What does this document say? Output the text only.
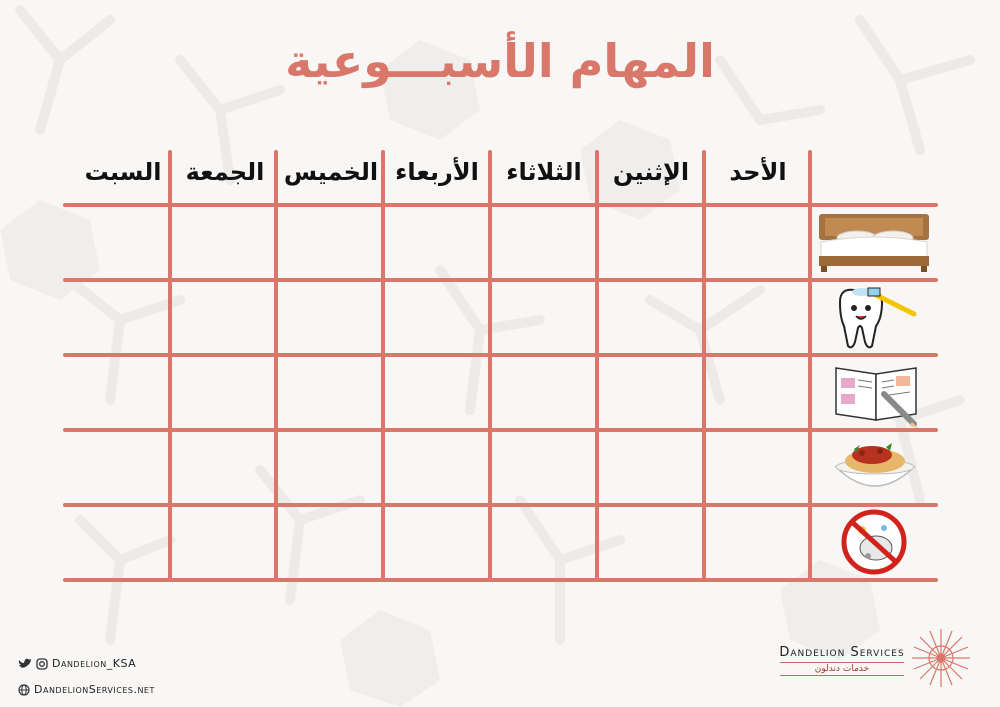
المهام الأسبـــوعية
السبت	الجمعة الخميس الأربعاء	الثلاثاء	الإثنين	الأحد
Dandelion_KSA
DandelionServices.net
Dandelion Services
خدمات دندلون
